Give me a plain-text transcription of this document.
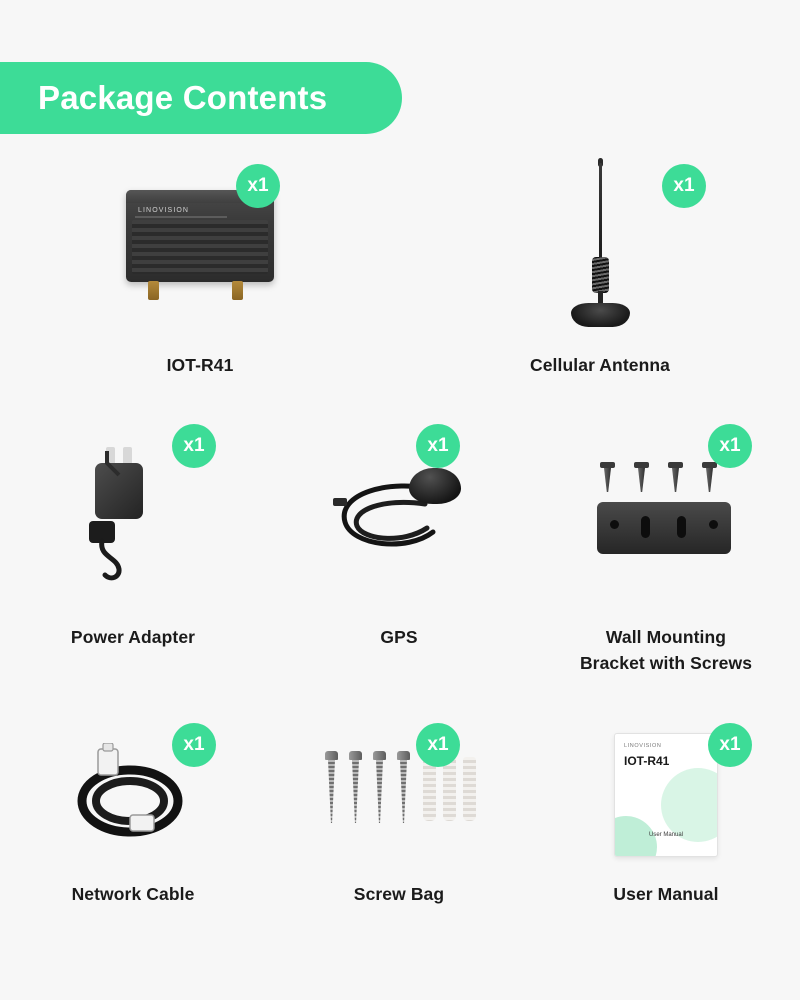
Package Contents
x1
LINOVISION
IOT-R41
x1
Cellular Antenna
x1
Power Adapter
x1
GPS
x1
Wall Mounting
Bracket with Screws
x1
Network Cable
x1
Screw Bag
x1
LINOVISION
IOT-R41
User Manual
User Manual
